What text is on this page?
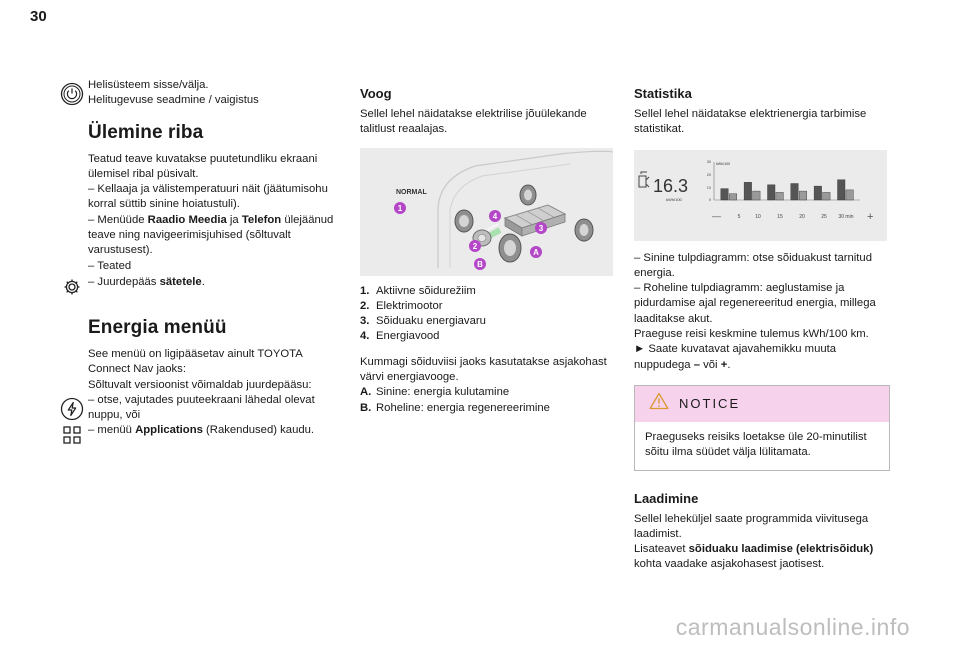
30
Helisüsteem sisse/välja.
Helitugevuse seadmine / vaigistus
Ülemine riba
Teatud teave kuvatakse puutetundliku ekraani ülemisel ribal püsivalt.
– Kellaaja ja välistemperatuuri näit (jäätumisohu korral süttib sinine hoiatustuli).
– Menüüde Raadio Meedia ja Telefon ülejäänud teave ning navigeerimisjuhised (sõltuvalt varustusest).
– Teated
– Juurdepääs sätetele.
Energia menüü
See menüü on ligipääsetav ainult TOYOTA Connect Nav jaoks:
Sõltuvalt versioonist võimaldab juurdepääsu:
– otse, vajutades puuteekraani lähedal olevat nuppu, või
– menüü Applications (Rakendused) kaudu.
Voog
Sellel lehel näidatakse elektrilise jõuülekande talitlust reaalajas.
NORMAL
1
4
3
2
A
B
1. Aktiivne sõidurežiim
2. Elektrimootor
3. Sõiduaku energiavaru
4. Energiavood
Kummagi sõiduviisi jaoks kasutatakse asjakohast värvi energiavooge.
A. Sinine: energia kulutamine
B. Roheline: energia regenereerimine
Statistika
Sellel lehel näidatakse elektrienergia tarbimise statistikat.
16.3
kWh/100
kWh/100
30
20
10
0
—	5	10	15	20	25 30 min +
– Sinine tulpdiagramm: otse sõiduakust tarnitud energia.
– Roheline tulpdiagramm: aeglustamise ja pidurdamise ajal regenereeritud energia, millega laaditakse akut.
Praeguse reisi keskmine tulemus kWh/100 km.
► Saate kuvatavat ajavahemikku muuta nuppudega – või +.
NOTICE
Praeguseks reisiks loetakse üle 20-minutilist sõitu ilma süüdet välja lülitamata.
Laadimine
Sellel leheküljel saate programmida viivitusega laadimist.
Lisateavet sõiduaku laadimise (elektrisõiduk) kohta vaadake asjakohasest jaotisest.
carmanualsonline.info
